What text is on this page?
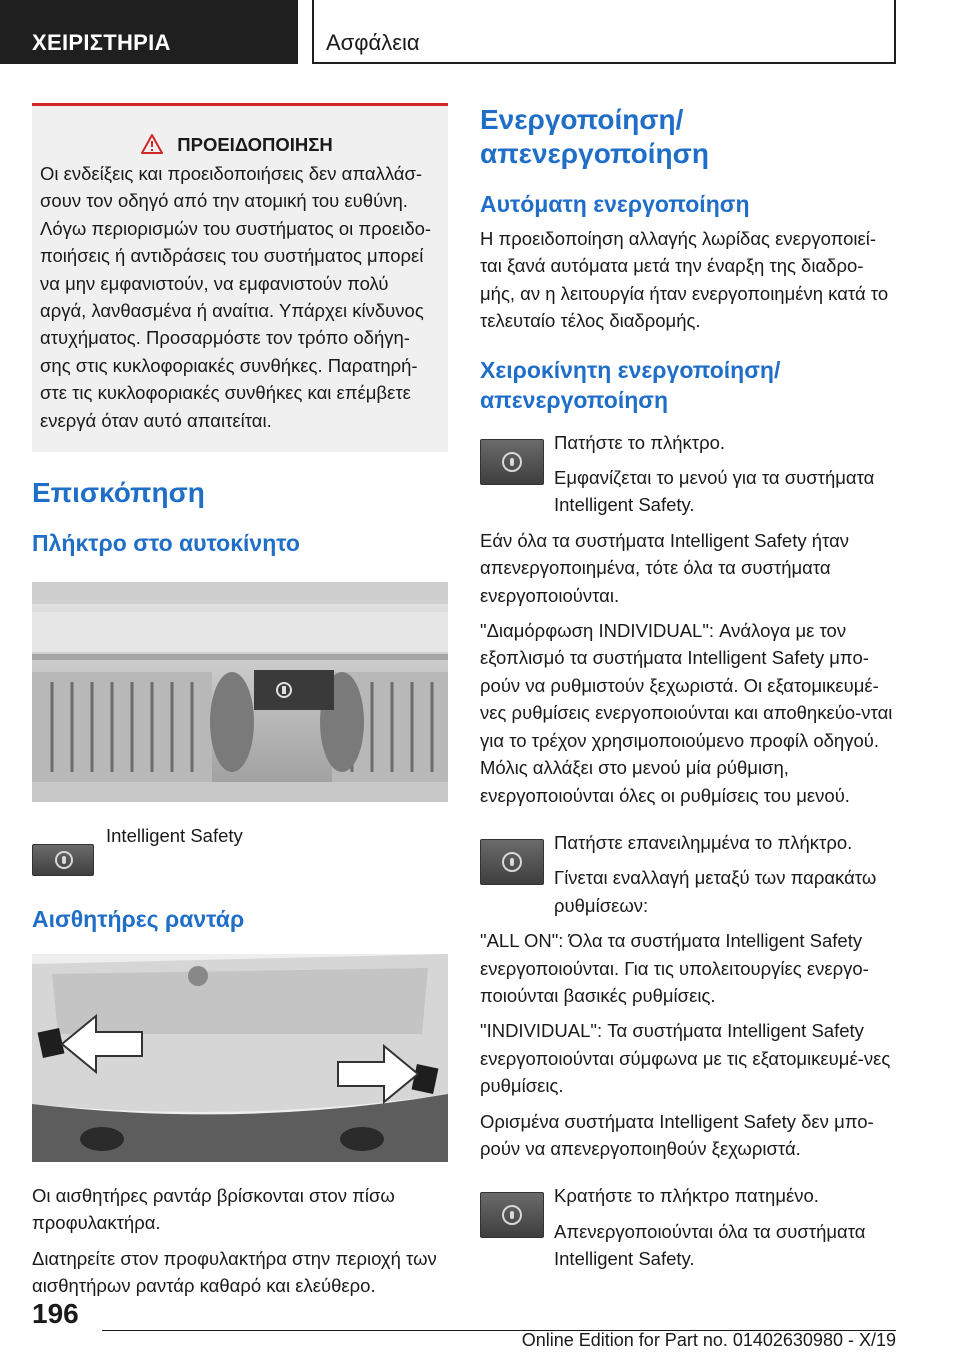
ΧΕΙΡΙΣΤΗΡΙΑ	Ασφάλεια
ΠΡΟΕΙΔΟΠΟΙΗΣΗ
Οι ενδείξεις και προειδοποιήσεις δεν απαλλάσ-σουν τον οδηγό από την ατομική του ευθύνη. Λόγω περιορισμών του συστήματος οι προειδο-ποιήσεις ή αντιδράσεις του συστήματος μπορεί να μην εμφανιστούν, να εμφανιστούν πολύ αργά, λανθασμένα ή αναίτια. Υπάρχει κίνδυνος ατυχήματος. Προσαρμόστε τον τρόπο οδήγη-σης στις κυκλοφοριακές συνθήκες. Παρατηρή-στε τις κυκλοφοριακές συνθήκες και επέμβετε ενεργά όταν αυτό απαιτείται.
Επισκόπηση
Πλήκτρο στο αυτοκίνητο
Intelligent Safety
Αισθητήρες ραντάρ
Οι αισθητήρες ραντάρ βρίσκονται στον πίσω προφυλακτήρα.
Διατηρείτε στον προφυλακτήρα στην περιοχή των αισθητήρων ραντάρ καθαρό και ελεύθερο.
Ενεργοποίηση/απενεργοποίηση
Αυτόματη ενεργοποίηση
Η προειδοποίηση αλλαγής λωρίδας ενεργοποιεί-ται ξανά αυτόματα μετά την έναρξη της διαδρο-μής, αν η λειτουργία ήταν ενεργοποιημένη κατά το τελευταίο τέλος διαδρομής.
Χειροκίνητη ενεργοποίηση/ απενεργοποίηση
Πατήστε το πλήκτρο.
Εμφανίζεται το μενού για τα συστήματα Intelligent Safety.
Εάν όλα τα συστήματα Intelligent Safety ήταν απενεργοποιημένα, τότε όλα τα συστήματα ενεργοποιούνται.
"Διαμόρφωση INDIVIDUAL": Ανάλογα με τον εξοπλισμό τα συστήματα Intelligent Safety μπο-ρούν να ρυθμιστούν ξεχωριστά. Οι εξατομικευμέ-νες ρυθμίσεις ενεργοποιούνται και αποθηκεύο-νται για το τρέχον χρησιμοποιούμενο προφίλ οδηγού. Μόλις αλλάξει στο μενού μία ρύθμιση, ενεργοποιούνται όλες οι ρυθμίσεις του μενού.
Πατήστε επανειλημμένα το πλήκτρο.
Γίνεται εναλλαγή μεταξύ των παρακάτω ρυθμίσεων:
"ALL ON": Όλα τα συστήματα Intelligent Safety ενεργοποιούνται. Για τις υπολειτουργίες ενεργο-ποιούνται βασικές ρυθμίσεις.
"INDIVIDUAL": Τα συστήματα Intelligent Safety ενεργοποιούνται σύμφωνα με τις εξατομικευμέ-νες ρυθμίσεις.
Ορισμένα συστήματα Intelligent Safety δεν μπο-ρούν να απενεργοποιηθούν ξεχωριστά.
Κρατήστε το πλήκτρο πατημένο.
Απενεργοποιούνται όλα τα συστήματα Intelligent Safety.
196
Online Edition for Part no. 01402630980 - X/19
